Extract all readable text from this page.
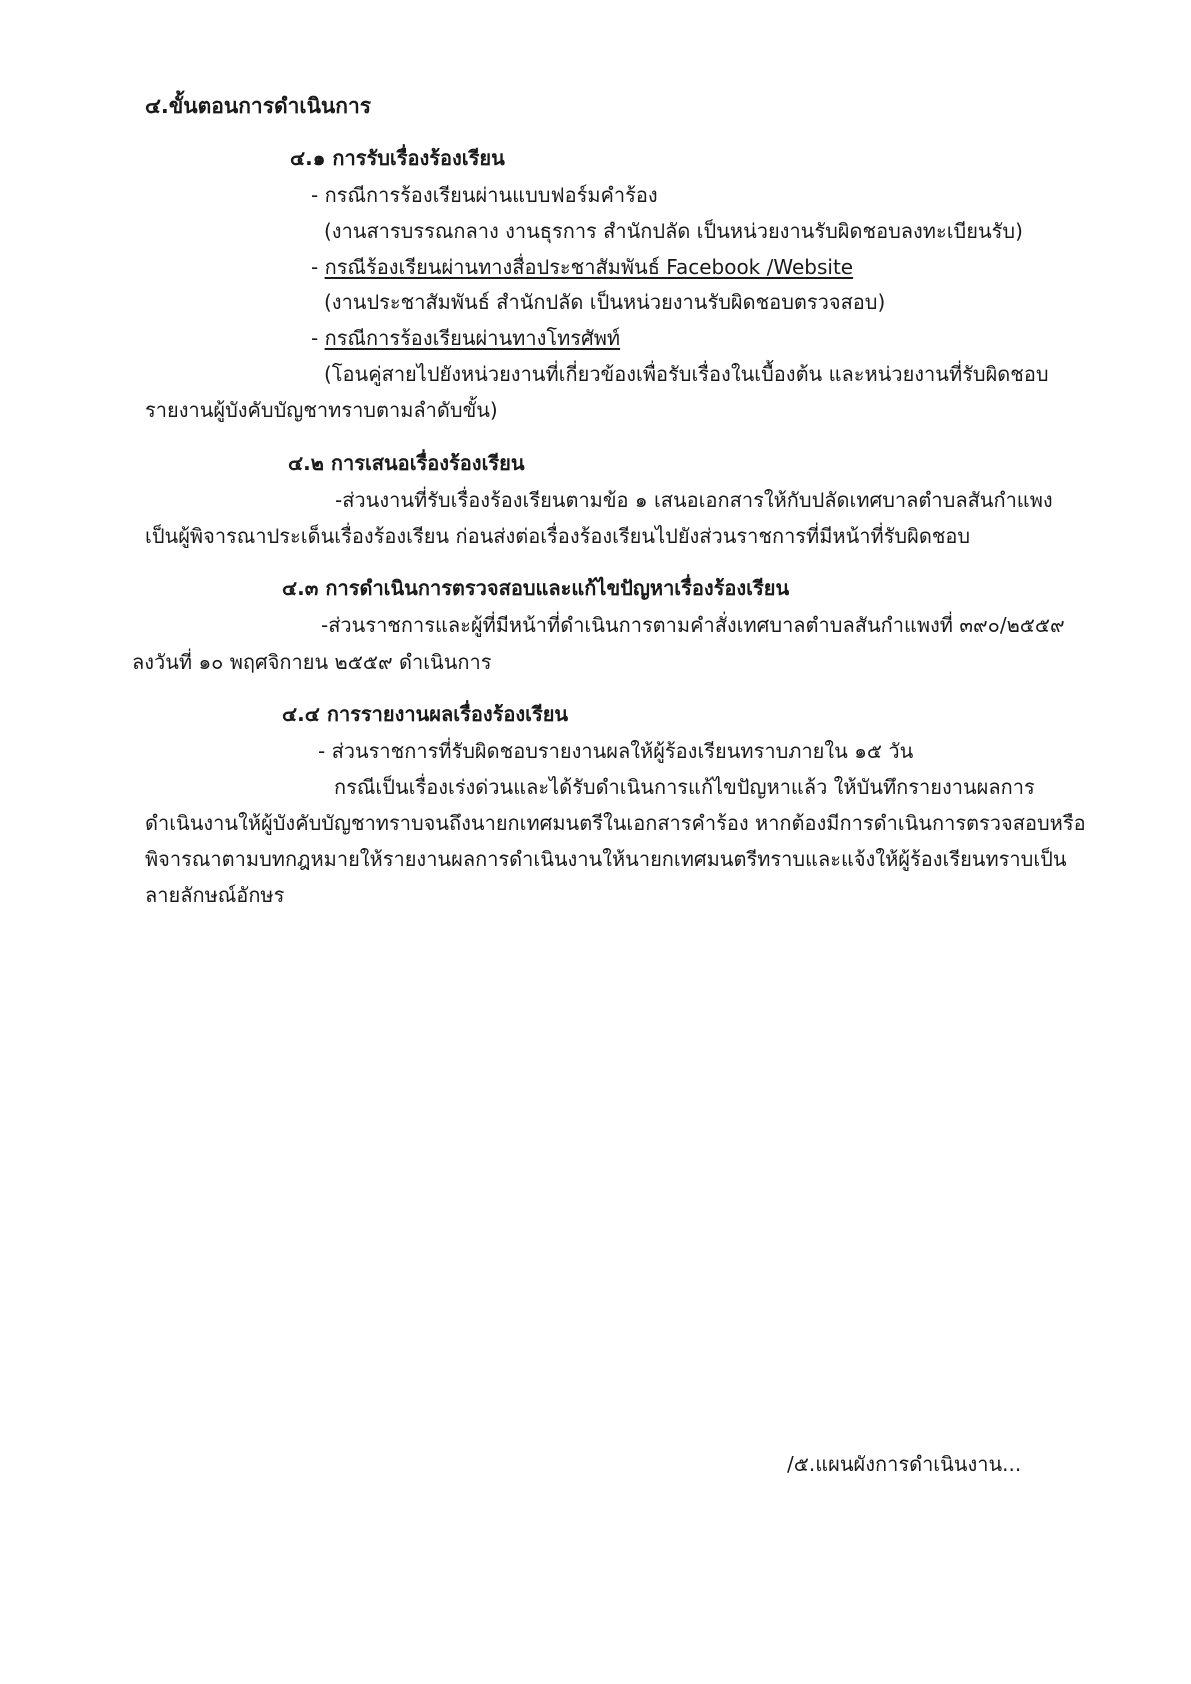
๔.ขั้นตอนการดำเนินการ
๔.๑ การรับเรื่องร้องเรียน
- กรณีการร้องเรียนผ่านแบบฟอร์มคำร้อง
(งานสารบรรณกลาง งานธุรการ สำนักปลัด เป็นหน่วยงานรับผิดชอบลงทะเบียนรับ)
- กรณีร้องเรียนผ่านทางสื่อประชาสัมพันธ์ Facebook /Website
(งานประชาสัมพันธ์ สำนักปลัด เป็นหน่วยงานรับผิดชอบตรวจสอบ)
- กรณีการร้องเรียนผ่านทางโทรศัพท์
(โอนคู่สายไปยังหน่วยงานที่เกี่ยวข้องเพื่อรับเรื่องในเบื้องต้น และหน่วยงานที่รับผิดชอบ
รายงานผู้บังคับบัญชาทราบตามลำดับขั้น)
๔.๒ การเสนอเรื่องร้องเรียน
-ส่วนงานที่รับเรื่องร้องเรียนตามข้อ ๑ เสนอเอกสารให้กับปลัดเทศบาลตำบลสันกำแพง
เป็นผู้พิจารณาประเด็นเรื่องร้องเรียน ก่อนส่งต่อเรื่องร้องเรียนไปยังส่วนราชการที่มีหน้าที่รับผิดชอบ
๔.๓ การดำเนินการตรวจสอบและแก้ไขปัญหาเรื่องร้องเรียน
-ส่วนราชการและผู้ที่มีหน้าที่ดำเนินการตามคำสั่งเทศบาลตำบลสันกำแพงที่ ๓๙๐/๒๕๕๙
ลงวันที่ ๑๐ พฤศจิกายน ๒๕๕๙ ดำเนินการ
๔.๔ การรายงานผลเรื่องร้องเรียน
- ส่วนราชการที่รับผิดชอบรายงานผลให้ผู้ร้องเรียนทราบภายใน ๑๕ วัน
กรณีเป็นเรื่องเร่งด่วนและได้รับดำเนินการแก้ไขปัญหาแล้ว ให้บันทึกรายงานผลการ
ดำเนินงานให้ผู้บังคับบัญชาทราบจนถึงนายกเทศมนตรีในเอกสารคำร้อง หากต้องมีการดำเนินการตรวจสอบหรือ
พิจารณาตามบทกฎหมายให้รายงานผลการดำเนินงานให้นายกเทศมนตรีทราบและแจ้งให้ผู้ร้องเรียนทราบเป็น
ลายลักษณ์อักษร
/๕.แผนผังการดำเนินงาน...
